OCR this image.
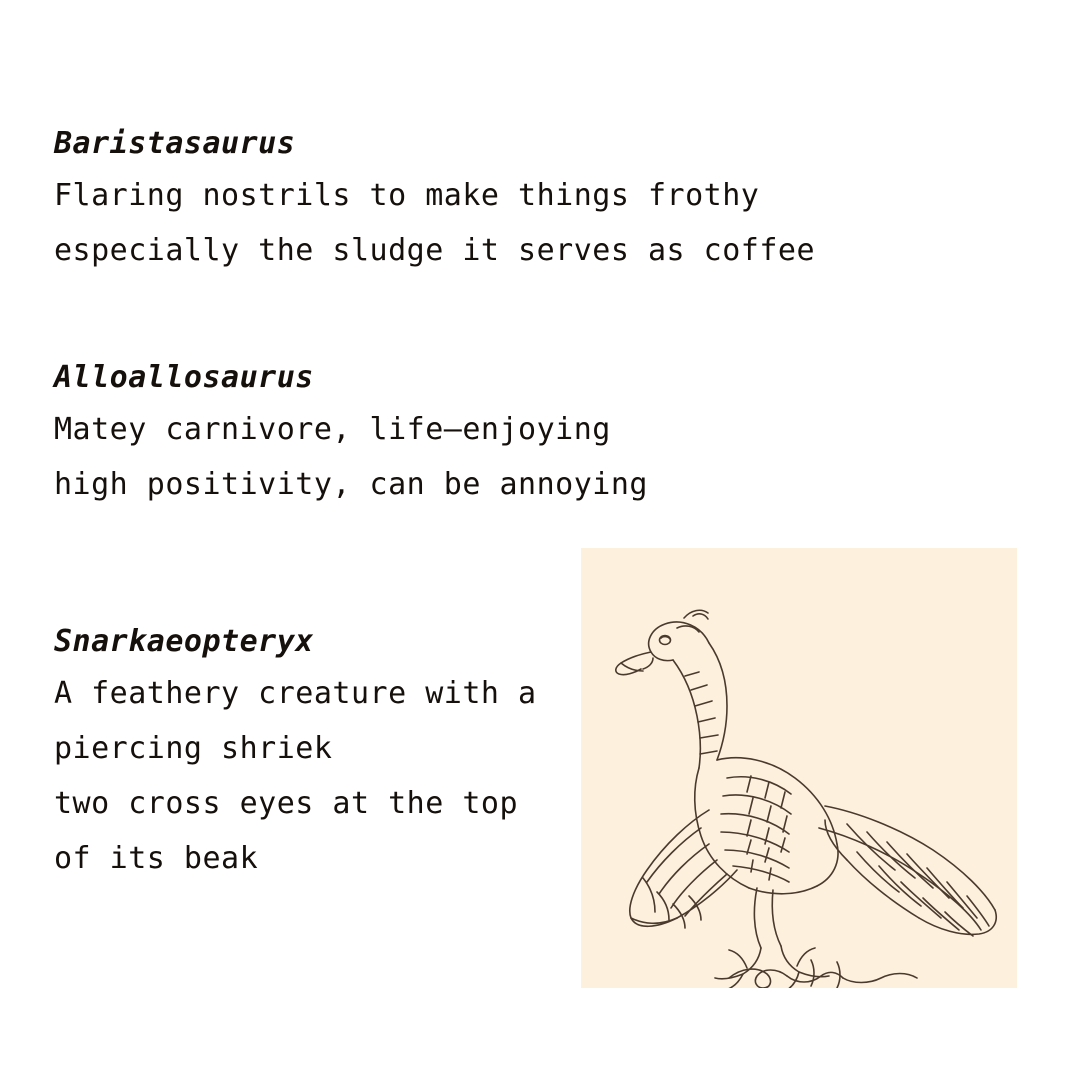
Baristasaurus
Flaring nostrils to make things frothy
especially the sludge it serves as coffee
Alloallosaurus
Matey carnivore, life–enjoying
high positivity, can be annoying
Snarkaeopteryx
A feathery creature with a
piercing shriek
two cross eyes at the top
of its beak
